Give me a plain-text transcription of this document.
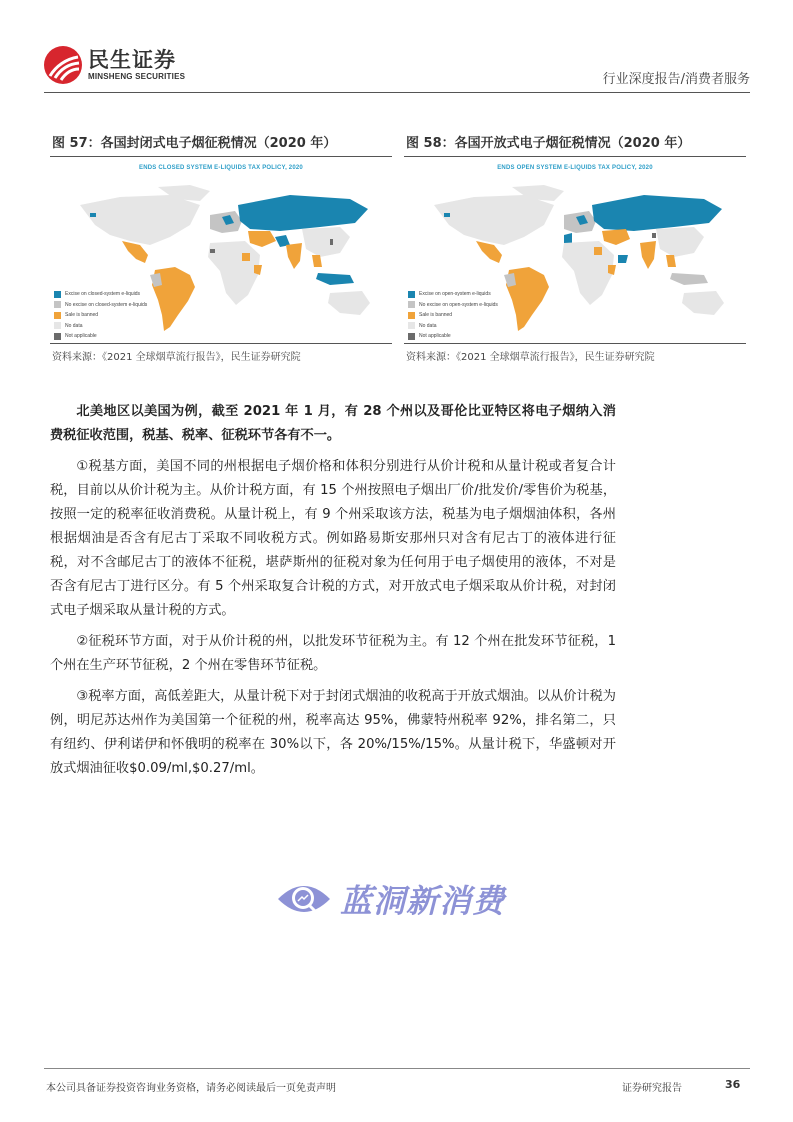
民生证券
MINSHENG SECURITIES	行业深度报告/消费者服务
图 57：各国封闭式电子烟征税情况（2020 年）
ENDS CLOSED SYSTEM E-LIQUIDS TAX POLICY, 2020
Excise on closed-system e-liquids
No excise on closed-system e-liquids
Sale is banned
No data
Not applicable
资料来源：《2021 全球烟草流行报告》，民生证券研究院
图 58：各国开放式电子烟征税情况（2020 年）
ENDS OPEN SYSTEM E-LIQUIDS TAX POLICY, 2020
Excise on open-system e-liquids
No excise on open-system e-liquids
Sale is banned
No data
Not applicable
资料来源：《2021 全球烟草流行报告》，民生证券研究院

北美地区以美国为例，截至 2021 年 1 月，有 28 个州以及哥伦比亚特区将电子烟纳入消费税征收范围，税基、税率、征税环节各有不一。

①税基方面，美国不同的州根据电子烟价格和体积分别进行从价计税和从量计税或者复合计税，目前以从价计税为主。从价计税方面，有 15 个州按照电子烟出厂价/批发价/零售价为税基，按照一定的税率征收消费税。从量计税上，有 9 个州采取该方法，税基为电子烟烟油体积，各州根据烟油是否含有尼古丁采取不同收税方式。例如路易斯安那州只对含有尼古丁的液体进行征税，对不含邮尼古丁的液体不征税，堪萨斯州的征税对象为任何用于电子烟使用的液体，不对是否含有尼古丁进行区分。有 5 个州采取复合计税的方式，对开放式电子烟采取从价计税，对封闭式电子烟采取从量计税的方式。

②征税环节方面，对于从价计税的州，以批发环节征税为主。有 12 个州在批发环节征税，1 个州在生产环节征税，2 个州在零售环节征税。

③税率方面，高低差距大，从量计税下对于封闭式烟油的收税高于开放式烟油。以从价计税为例，明尼苏达州作为美国第一个征税的州，税率高达 95%，佛蒙特州税率 92%，排名第二，只有纽约、伊利诺伊和怀俄明的税率在 30%以下，各 20%/15%/15%。从量计税下，华盛顿对开放式烟油征收$0.09/ml,$0.27/ml。

蓝洞新消费
本公司具备证券投资咨询业务资格，请务必阅读最后一页免责声明	证券研究报告	36
